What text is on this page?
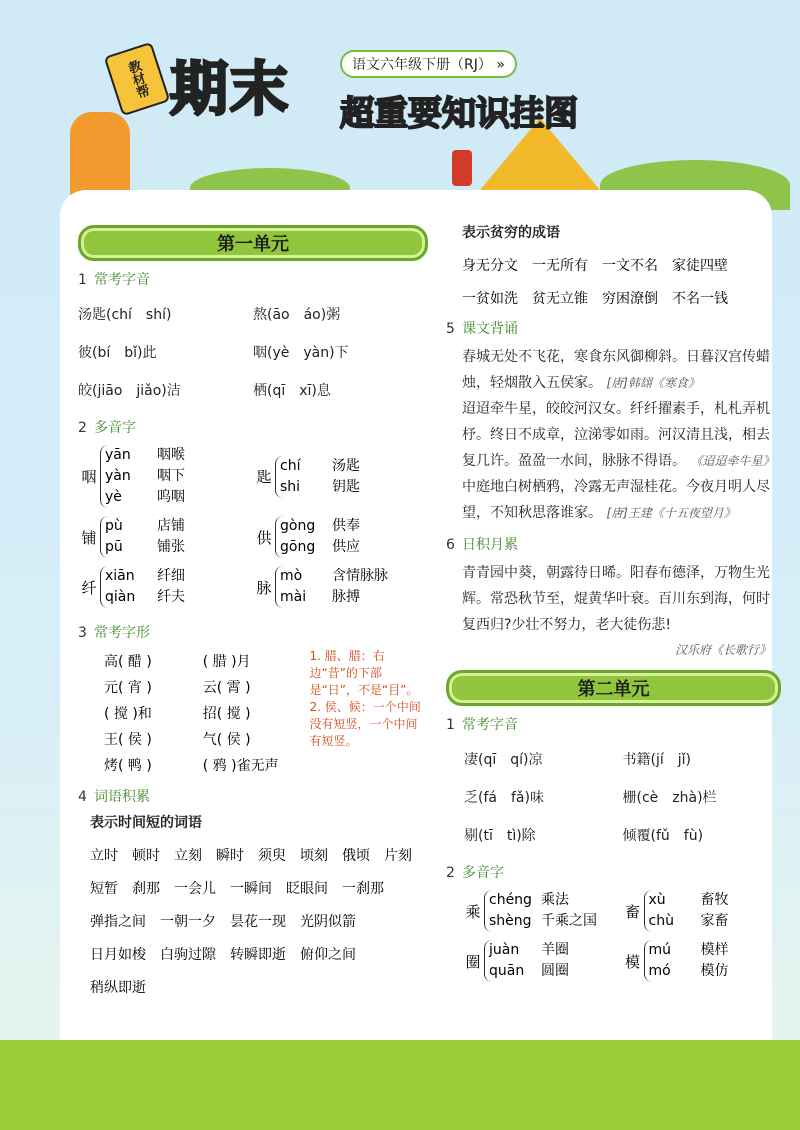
教材帮 期末	语文六年级下册（RJ） »
超重要知识挂图
第一单元
1 常考字音
汤匙(chí　shí)	熬(āo　áo)粥
彼(bí　bǐ)此	咽(yè　yàn)下
皎(jiāo　jiǎo)洁	栖(qī　xī)息
2 多音字
咽
yān 咽喉
yàn 咽下
yè	呜咽
匙
chí 汤匙
shi 钥匙
铺
pù 店铺
pū 铺张
供
gòng 供奉
gōng 供应
纤
xiān 纤细
qiàn 纤夫
脉
mò 含情脉脉
mài 脉搏
3 常考字形
高( 醋 )	( 腊 )月
元( 宵 )	云( 霄 )
( 搅 )和	招( 搅 )
王( 侯 )	气( 侯 )
烤( 鸭 )	( 鸦 )雀无声
1. 腊、腊：右边“昔”的下部是“日”，不是“目”。 2. 侯、候：一个中间没有短竖，一个中间有短竖。
4 词语积累
表示时间短的词语
立时 顿时 立刻 瞬时 须臾 顷刻 俄顷 片刻
短暂 刹那 一会儿 一瞬间 眨眼间 一刹那
弹指之间 一朝一夕 昙花一现 光阴似箭
日月如梭 白驹过隙 转瞬即逝 俯仰之间
稍纵即逝
表示贫穷的成语
身无分文 一无所有 一文不名 家徒四壁
一贫如洗 贫无立锥 穷困潦倒 不名一钱
5 课文背诵
春城无处不飞花，寒食东风御柳斜。日暮汉宫传蜡烛，轻烟散入五侯家。 [唐]韩翃《寒食》
迢迢牵牛星，皎皎河汉女。纤纤擢素手，札札弄机杼。终日不成章，泣涕零如雨。河汉清且浅，相去复几许。盈盈一水间，脉脉不得语。 《迢迢牵牛星》
中庭地白树栖鸦，冷露无声湿桂花。今夜月明人尽望，不知秋思落谁家。 [唐]王建《十五夜望月》
6 日积月累
青青园中葵，朝露待日晞。阳春布德泽，万物生光辉。常恐秋节至，焜黄华叶衰。百川东到海，何时复西归?少壮不努力，老大徒伤悲!
汉乐府《长歌行》
第二单元
1 常考字音
凄(qī　qí)凉	书籍(jí　jǐ)
乏(fá　fǎ)味	栅(cè　zhà)栏
剔(tī　tì)除	倾覆(fǔ　fù)
2 多音字
乘
chéng 乘法
shèng 千乘之国
畜
xù 畜牧
chù 家畜
圈
juàn 羊圈
quān 圆圈
模
mú 模样
mó 模仿
